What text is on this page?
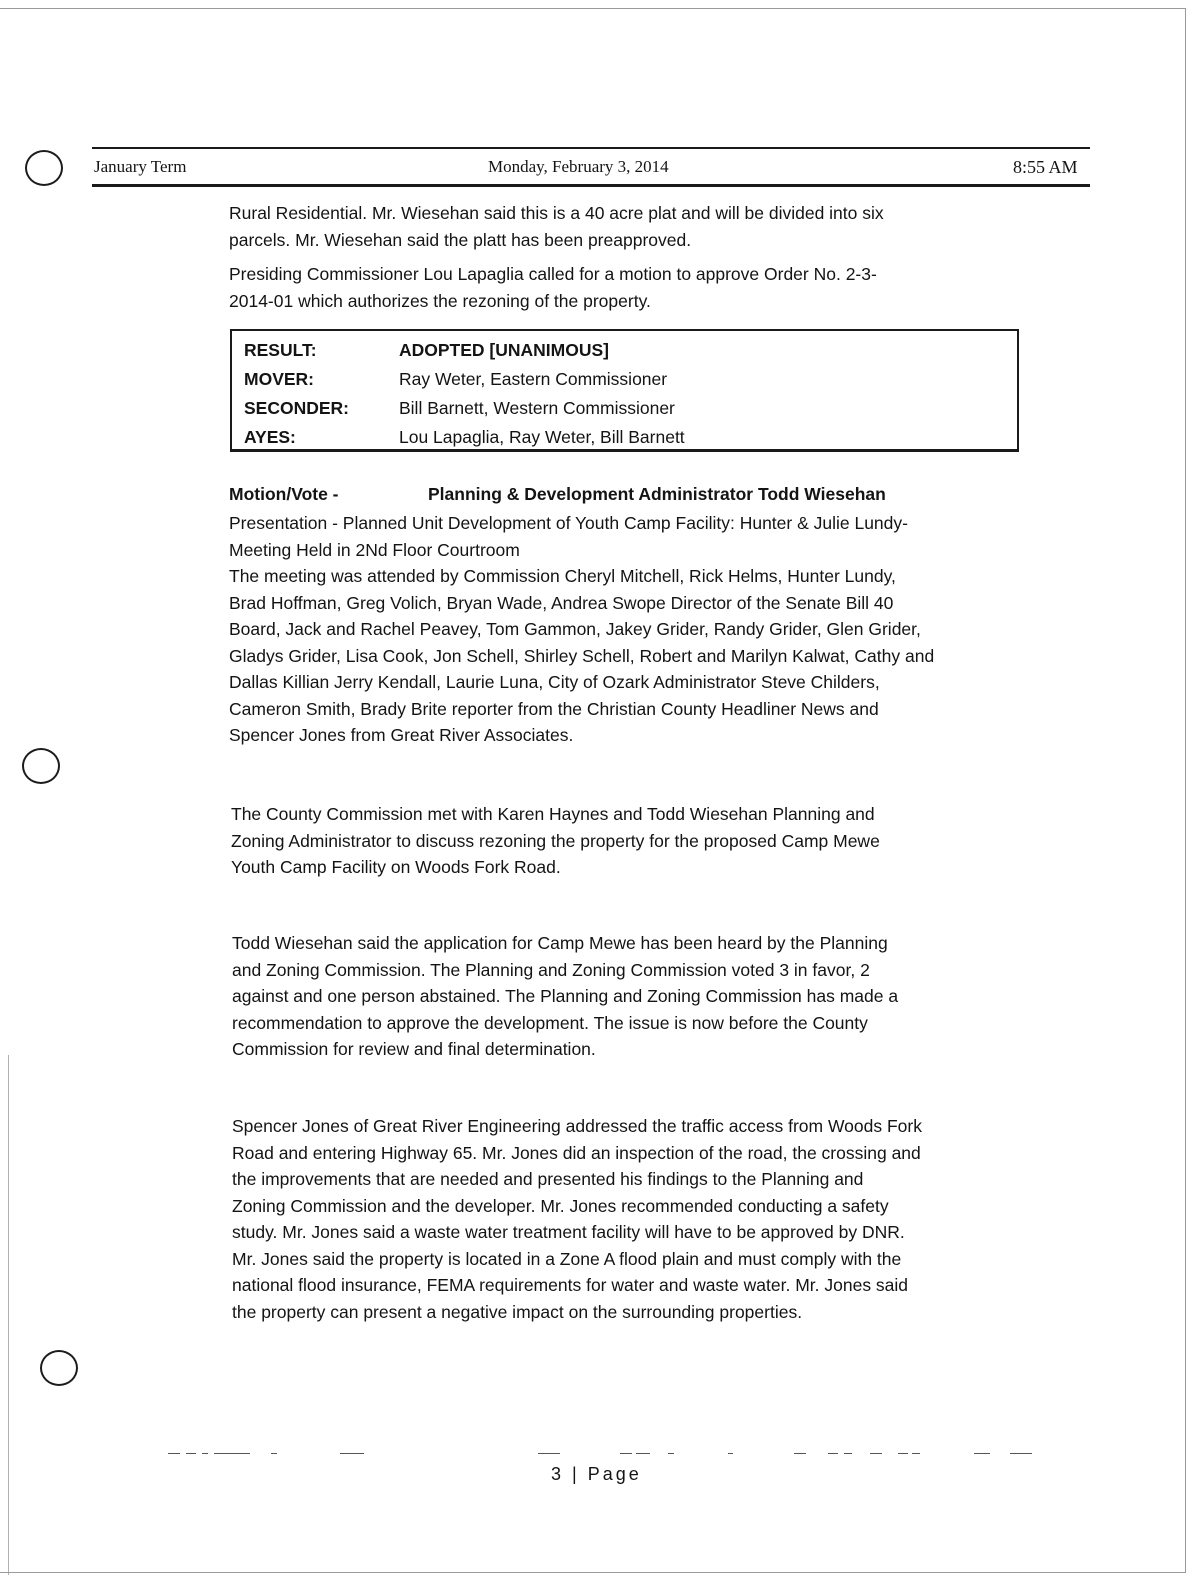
January Term	Monday, February 3, 2014	8:55 AM

Rural Residential. Mr. Wiesehan said this is a 40 acre plat and will be divided into six
parcels. Mr. Wiesehan said the platt has been preapproved.

Presiding Commissioner Lou Lapaglia called for a motion to approve Order No. 2-3-
2014-01 which authorizes the rezoning of the property.

RESULT:	ADOPTED [UNANIMOUS]
MOVER:	Ray Weter, Eastern Commissioner
SECONDER:	Bill Barnett, Western Commissioner
AYES:	Lou Lapaglia, Ray Weter, Bill Barnett
Motion/Vote -	Planning & Development Administrator Todd Wiesehan

Presentation - Planned Unit Development of Youth Camp Facility: Hunter & Julie Lundy-
Meeting Held in 2Nd Floor Courtroom
The meeting was attended by Commission Cheryl Mitchell, Rick Helms, Hunter Lundy,
Brad Hoffman, Greg Volich, Bryan Wade, Andrea Swope Director of the Senate Bill 40
Board, Jack and Rachel Peavey, Tom Gammon, Jakey Grider, Randy Grider, Glen Grider,
Gladys Grider, Lisa Cook, Jon Schell, Shirley Schell, Robert and Marilyn Kalwat, Cathy and
Dallas Killian Jerry Kendall, Laurie Luna, City of Ozark Administrator Steve Childers,
Cameron Smith, Brady Brite reporter from the Christian County Headliner News and
Spencer Jones from Great River Associates.

The County Commission met with Karen Haynes and Todd Wiesehan Planning and
Zoning Administrator to discuss rezoning the property for the proposed Camp Mewe
Youth Camp Facility on Woods Fork Road.

Todd Wiesehan said the application for Camp Mewe has been heard by the Planning
and Zoning Commission. The Planning and Zoning Commission voted 3 in favor, 2
against and one person abstained. The Planning and Zoning Commission has made a
recommendation to approve the development. The issue is now before the County
Commission for review and final determination.

Spencer Jones of Great River Engineering addressed the traffic access from Woods Fork
Road and entering Highway 65. Mr. Jones did an inspection of the road, the crossing and
the improvements that are needed and presented his findings to the Planning and
Zoning Commission and the developer. Mr. Jones recommended conducting a safety
study. Mr. Jones said a waste water treatment facility will have to be approved by DNR.
Mr. Jones said the property is located in a Zone A flood plain and must comply with the
national flood insurance, FEMA requirements for water and waste water. Mr. Jones said
the property can present a negative impact on the surrounding properties.

3 | Page
